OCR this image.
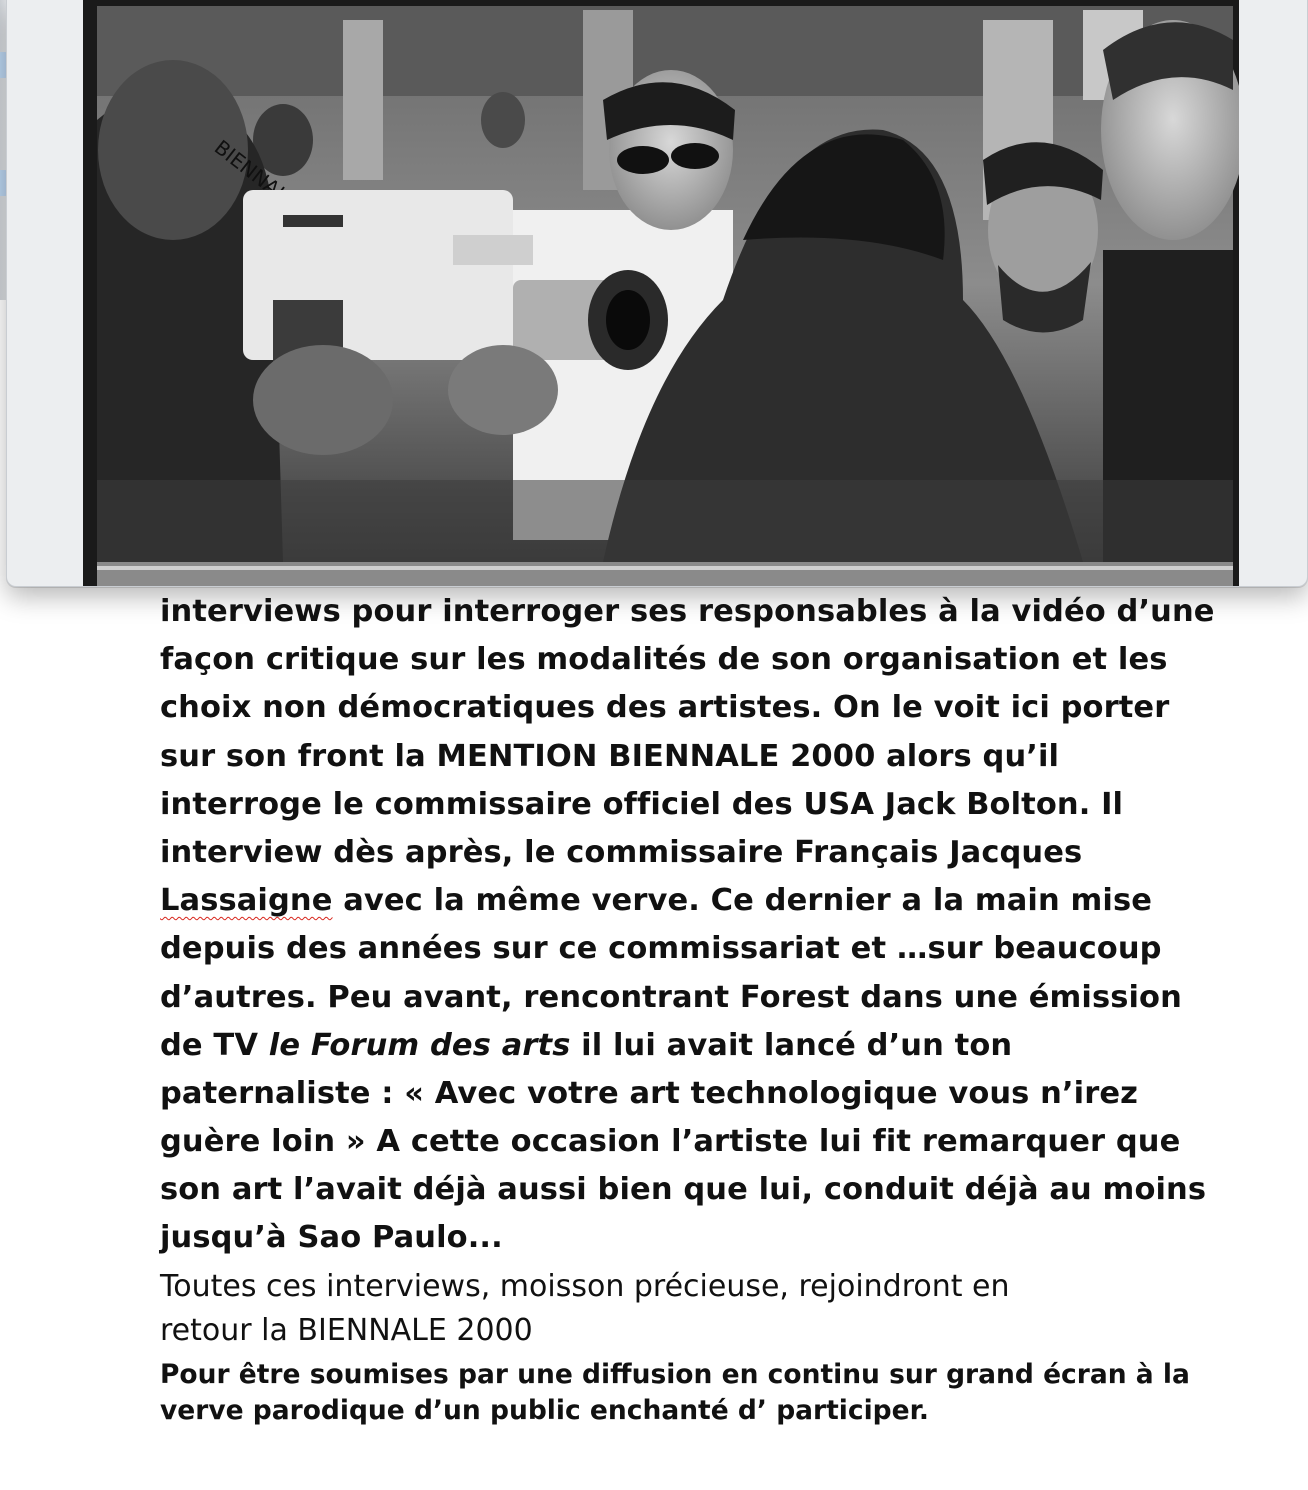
BIENNALE
interviews pour interroger ses responsables à la vidéo d’une
façon critique sur les modalités de son organisation et les
choix non démocratiques des artistes. On le voit ici porter
sur son front la MENTION BIENNALE 2000 alors qu’il
interroge le commissaire officiel des USA Jack Bolton. Il
interview dès après, le commissaire Français Jacques
Lassaigne avec la même verve. Ce dernier a la main mise
depuis des années sur ce commissariat et …sur beaucoup
d’autres. Peu avant, rencontrant Forest dans une émission
de TV le Forum des arts il lui avait lancé d’un ton
paternaliste : « Avec votre art technologique vous n’irez
guère loin » A cette occasion l’artiste lui fit remarquer que
son art l’avait déjà aussi bien que lui, conduit déjà au moins
jusqu’à Sao Paulo...
Toutes ces interviews, moisson précieuse, rejoindront en
retour la BIENNALE 2000
Pour être soumises par une diffusion en continu sur grand écran à la
verve parodique d’un public enchanté d’ participer.
